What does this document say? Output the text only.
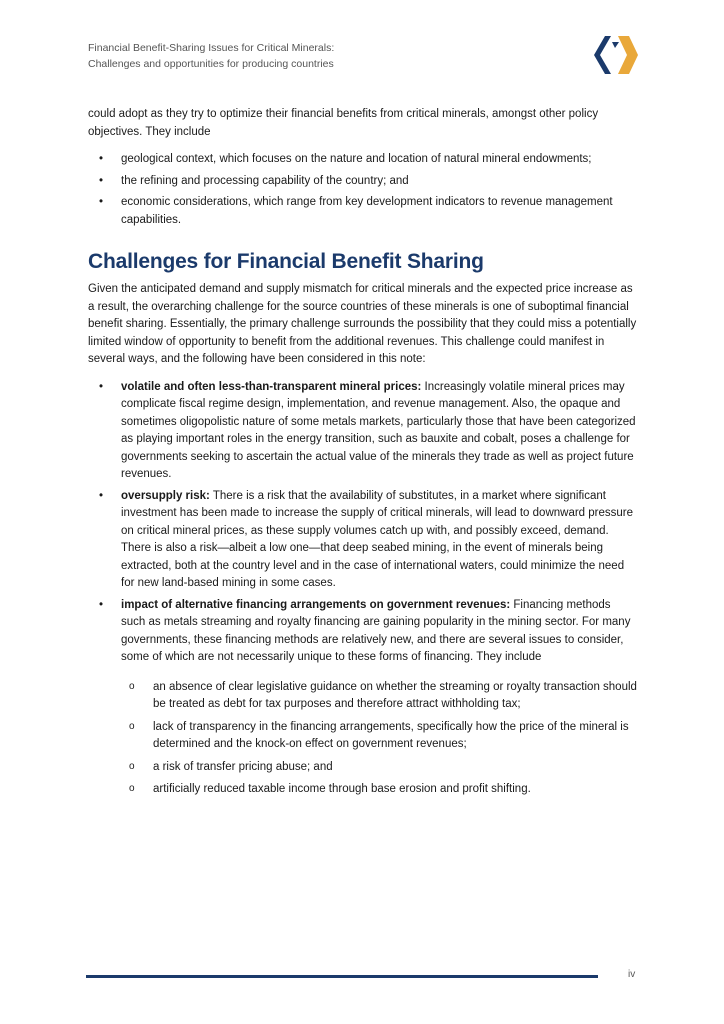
Financial Benefit-Sharing Issues for Critical Minerals:
Challenges and opportunities for producing countries

could adopt as they try to optimize their financial benefits from critical minerals, amongst other policy objectives. They include

• geological context, which focuses on the nature and location of natural mineral endowments;
• the refining and processing capability of the country; and
• economic considerations, which range from key development indicators to revenue management capabilities.
Challenges for Financial Benefit Sharing

Given the anticipated demand and supply mismatch for critical minerals and the expected price increase as a result, the overarching challenge for the source countries of these minerals is one of suboptimal financial benefit sharing. Essentially, the primary challenge surrounds the possibility that they could miss a potentially limited window of opportunity to benefit from the additional revenues. This challenge could manifest in several ways, and the following have been considered in this note:

• volatile and often less-than-transparent mineral prices: Increasingly volatile mineral prices may complicate fiscal regime design, implementation, and revenue management. Also, the opaque and sometimes oligopolistic nature of some metals markets, particularly those that have been categorized as playing important roles in the energy transition, such as bauxite and cobalt, poses a challenge for governments seeking to ascertain the actual value of the minerals they trade as well as project future revenues.
• oversupply risk: There is a risk that the availability of substitutes, in a market where significant investment has been made to increase the supply of critical minerals, will lead to downward pressure on critical mineral prices, as these supply volumes catch up with, and possibly exceed, demand. There is also a risk—albeit a low one—that deep seabed mining, in the event of minerals being extracted, both at the country level and in the case of international waters, could minimize the need for new land-based mining in some cases.
• impact of alternative financing arrangements on government revenues: Financing methods such as metals streaming and royalty financing are gaining popularity in the mining sector. For many governments, these financing methods are relatively new, and there are several issues to consider, some of which are not necessarily unique to these forms of financing. They include
o an absence of clear legislative guidance on whether the streaming or royalty transaction should be treated as debt for tax purposes and therefore attract withholding tax;
o lack of transparency in the financing arrangements, specifically how the price of the mineral is determined and the knock-on effect on government revenues;
o a risk of transfer pricing abuse; and
o artificially reduced taxable income through base erosion and profit shifting.
iv
